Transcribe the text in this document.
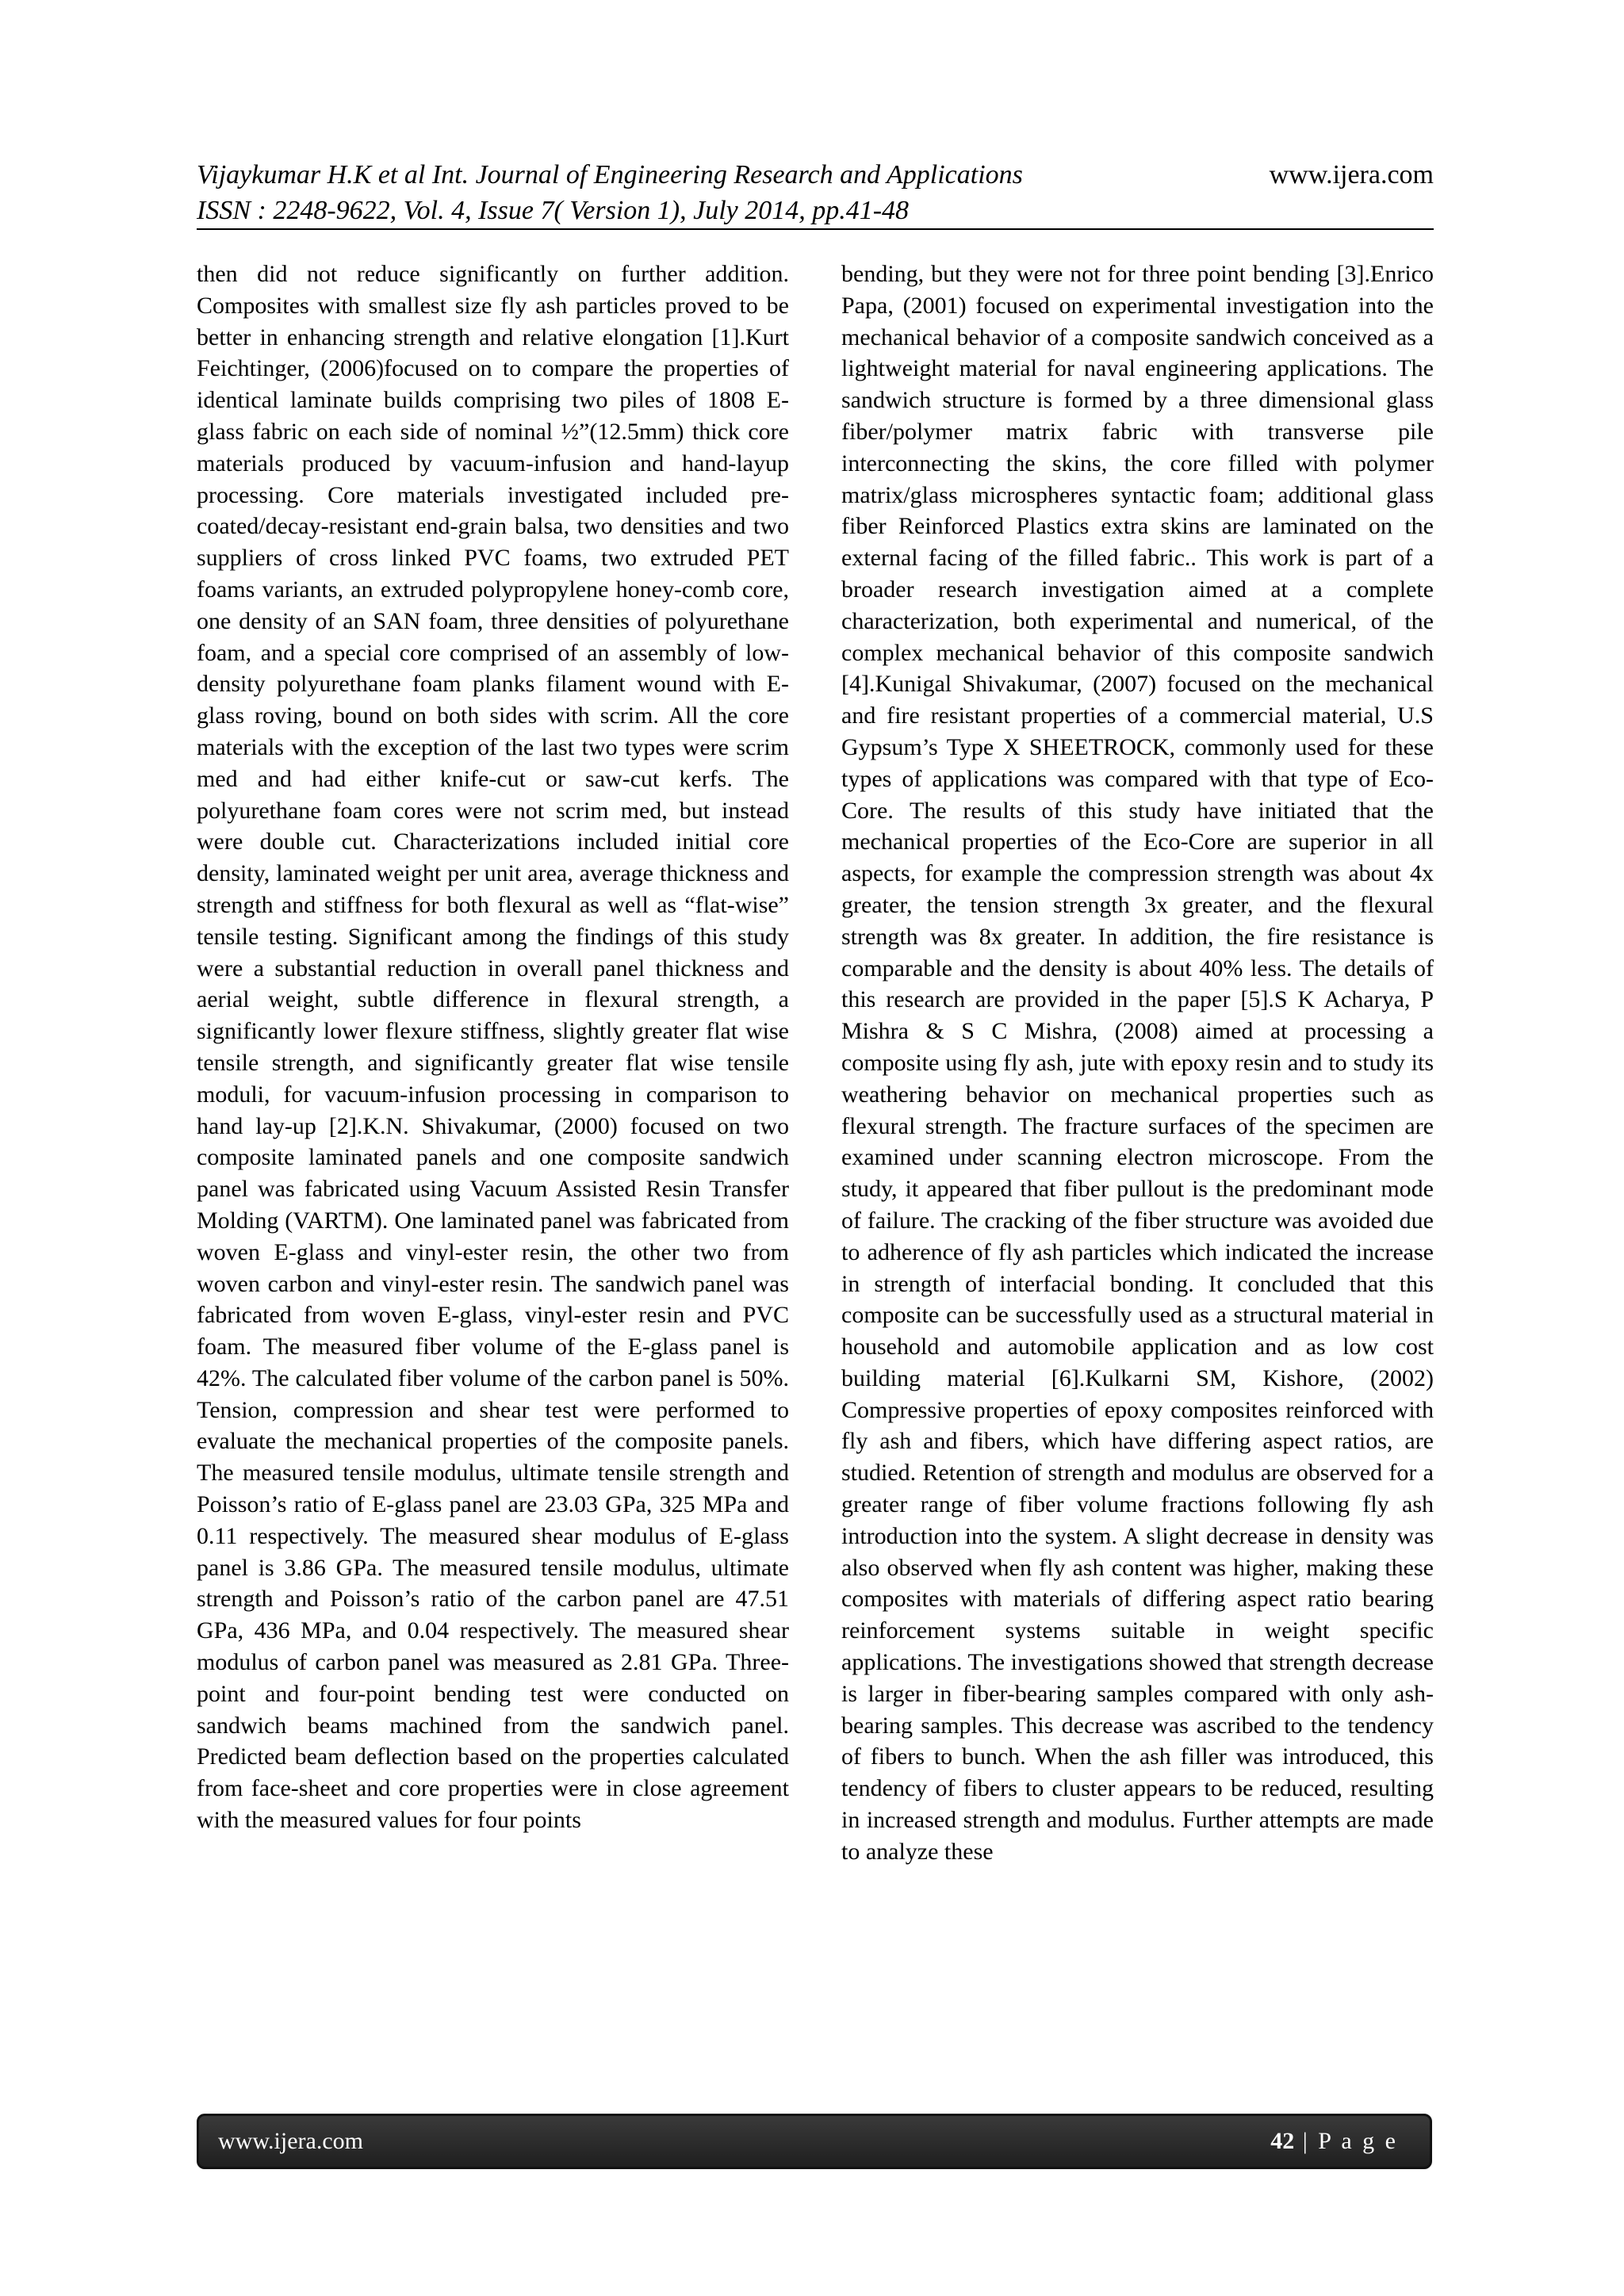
Vijaykumar H.K et al Int. Journal of Engineering Research and Applications	www.ijera.com
ISSN : 2248-9622, Vol. 4, Issue 7( Version 1), July 2014, pp.41-48

then did not reduce significantly on further addition. Composites with smallest size fly ash particles proved to be better in enhancing strength and relative elongation [1].Kurt Feichtinger, (2006)focused on to compare the properties of identical laminate builds comprising two piles of 1808 E-glass fabric on each side of nominal ½”(12.5mm) thick core materials produced by vacuum-infusion and hand-layup processing. Core materials investigated included pre-coated/decay-resistant end-grain balsa, two densities and two suppliers of cross linked PVC foams, two extruded PET foams variants, an extruded polypropylene honey-comb core, one density of an SAN foam, three densities of polyurethane foam, and a special core comprised of an assembly of low-density polyurethane foam planks filament wound with E-glass roving, bound on both sides with scrim. All the core materials with the exception of the last two types were scrim med and had either knife-cut or saw-cut kerfs. The polyurethane foam cores were not scrim med, but instead were double cut. Characterizations included initial core density, laminated weight per unit area, average thickness and strength and stiffness for both flexural as well as “flat-wise” tensile testing. Significant among the findings of this study were a substantial reduction in overall panel thickness and aerial weight, subtle difference in flexural strength, a significantly lower flexure stiffness, slightly greater flat wise tensile strength, and significantly greater flat wise tensile moduli, for vacuum-infusion processing in comparison to hand lay-up [2].K.N. Shivakumar, (2000) focused on two composite laminated panels and one composite sandwich panel was fabricated using Vacuum Assisted Resin Transfer Molding (VARTM). One laminated panel was fabricated from woven E-glass and vinyl-ester resin, the other two from woven carbon and vinyl-ester resin. The sandwich panel was fabricated from woven E-glass, vinyl-ester resin and PVC foam. The measured fiber volume of the E-glass panel is 42%. The calculated fiber volume of the carbon panel is 50%. Tension, compression and shear test were performed to evaluate the mechanical properties of the composite panels. The measured tensile modulus, ultimate tensile strength and Poisson’s ratio of E-glass panel are 23.03 GPa, 325 MPa and 0.11 respectively. The measured shear modulus of E-glass panel is 3.86 GPa. The measured tensile modulus, ultimate strength and Poisson’s ratio of the carbon panel are 47.51 GPa, 436 MPa, and 0.04 respectively. The measured shear modulus of carbon panel was measured as 2.81 GPa. Three-point and four-point bending test were conducted on sandwich beams machined from the sandwich panel. Predicted beam deflection based on the properties calculated from face-sheet and core properties were in close agreement with the measured values for four points

bending, but they were not for three point bending [3].Enrico Papa, (2001) focused on experimental investigation into the mechanical behavior of a composite sandwich conceived as a lightweight material for naval engineering applications. The sandwich structure is formed by a three dimensional glass fiber/polymer matrix fabric with transverse pile interconnecting the skins, the core filled with polymer matrix/glass microspheres syntactic foam; additional glass fiber Reinforced Plastics extra skins are laminated on the external facing of the filled fabric.. This work is part of a broader research investigation aimed at a complete characterization, both experimental and numerical, of the complex mechanical behavior of this composite sandwich [4].Kunigal Shivakumar, (2007) focused on the mechanical and fire resistant properties of a commercial material, U.S Gypsum’s Type X SHEETROCK, commonly used for these types of applications was compared with that type of Eco-Core. The results of this study have initiated that the mechanical properties of the Eco-Core are superior in all aspects, for example the compression strength was about 4x greater, the tension strength 3x greater, and the flexural strength was 8x greater. In addition, the fire resistance is comparable and the density is about 40% less. The details of this research are provided in the paper [5].S K Acharya, P Mishra & S C Mishra, (2008) aimed at processing a composite using fly ash, jute with epoxy resin and to study its weathering behavior on mechanical properties such as flexural strength. The fracture surfaces of the specimen are examined under scanning electron microscope. From the study, it appeared that fiber pullout is the predominant mode of failure. The cracking of the fiber structure was avoided due to adherence of fly ash particles which indicated the increase in strength of interfacial bonding. It concluded that this composite can be successfully used as a structural material in household and automobile application and as low cost building material [6].Kulkarni SM, Kishore, (2002) Compressive properties of epoxy composites reinforced with fly ash and fibers, which have differing aspect ratios, are studied. Retention of strength and modulus are observed for a greater range of fiber volume fractions following fly ash introduction into the system. A slight decrease in density was also observed when fly ash content was higher, making these composites with materials of differing aspect ratio bearing reinforcement systems suitable in weight specific applications. The investigations showed that strength decrease is larger in fiber-bearing samples compared with only ash-bearing samples. This decrease was ascribed to the tendency of fibers to bunch. When the ash filler was introduced, this tendency of fibers to cluster appears to be reduced, resulting in increased strength and modulus. Further attempts are made to analyze these

www.ijera.com	42 | P a g e
